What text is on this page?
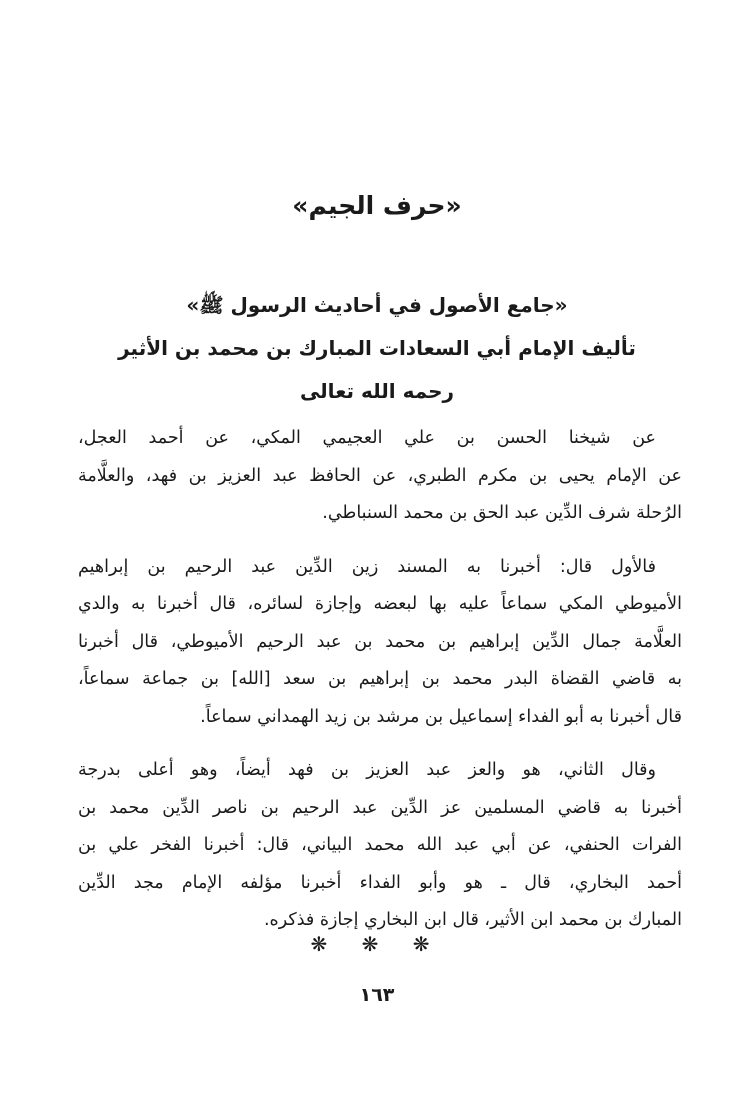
«حرف الجيم»
«جامع الأصول في أحاديث الرسول ﷺ»
تأليف الإمام أبي السعادات المبارك بن محمد بن الأثير
رحمه الله تعالى
عن شيخنا الحسن بن علي العجيمي المكي، عن أحمد العجل،
عن الإمام يحيى بن مكرم الطبري، عن الحافظ عبد العزيز بن فهد، والعلَّامة
الرُحلة شرف الدِّين عبد الحق بن محمد السنباطي.
فالأول قال: أخبرنا به المسند زين الدِّين عبد الرحيم بن إبراهيم
الأميوطي المكي سماعاً عليه بها لبعضه وإجازة لسائره، قال أخبرنا به والدي
العلَّامة جمال الدِّين إبراهيم بن محمد بن عبد الرحيم الأميوطي، قال أخبرنا
به قاضي القضاة البدر محمد بن إبراهيم بن سعد [الله] بن جماعة سماعاً،
قال أخبرنا به أبو الفداء إسماعيل بن مرشد بن زيد الهمداني سماعاً.
وقال الثاني، هو والعز عبد العزيز بن فهد أيضاً، وهو أعلى بدرجة
أخبرنا به قاضي المسلمين عز الدِّين عبد الرحيم بن ناصر الدِّين محمد بن
الفرات الحنفي، عن أبي عبد الله محمد البياني، قال: أخبرنا الفخر علي بن
أحمد البخاري، قال ـ هو وأبو الفداء أخبرنا مؤلفه الإمام مجد الدِّين
المبارك بن محمد ابن الأثير، قال ابن البخاري إجازة فذكره.
❋ ❋ ❋
١٦٣
